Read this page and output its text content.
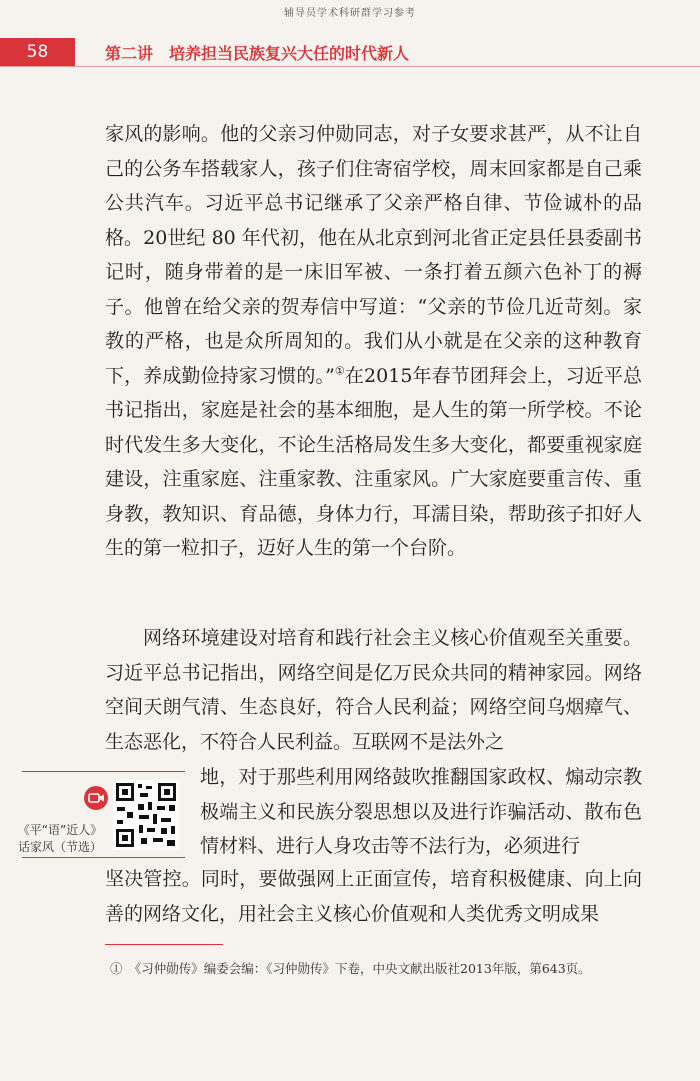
辅导员学术科研群学习参考
58	第二讲　培养担当民族复兴大任的时代新人
家风的影响。他的父亲习仲勋同志，对子女要求甚严，从不让自己的公务车搭载家人，孩子们住寄宿学校，周末回家都是自己乘公共汽车。习近平总书记继承了父亲严格自律、节俭诚朴的品格。20世纪 80 年代初，他在从北京到河北省正定县任县委副书记时，随身带着的是一床旧军被、一条打着五颜六色补丁的褥子。他曾在给父亲的贺寿信中写道：“父亲的节俭几近苛刻。家教的严格，也是众所周知的。我们从小就是在父亲的这种教育下，养成勤俭持家习惯的。”①在2015年春节团拜会上，习近平总书记指出，家庭是社会的基本细胞，是人生的第一所学校。不论时代发生多大变化，不论生活格局发生多大变化，都要重视家庭建设，注重家庭、注重家教、注重家风。广大家庭要重言传、重身教，教知识、育品德，身体力行，耳濡目染，帮助孩子扣好人生的第一粒扣子，迈好人生的第一个台阶。
网络环境建设对培育和践行社会主义核心价值观至关重要。习近平总书记指出，网络空间是亿万民众共同的精神家园。网络空间天朗气清、生态良好，符合人民利益；网络空间乌烟瘴气、生态恶化，不符合人民利益。互联网不是法外之
地，对于那些利用网络鼓吹推翻国家政权、煽动宗教极端主义和民族分裂思想以及进行诈骗活动、散布色情材料、进行人身攻击等不法行为，必须进行
坚决管控。同时，要做强网上正面宣传，培育积极健康、向上向善的网络文化，用社会主义核心价值观和人类优秀文明成果
《平“语”近人》
话家风（节选）
①　《习仲勋传》编委会编：《习仲勋传》下卷，中央文献出版社2013年版，第643页。
